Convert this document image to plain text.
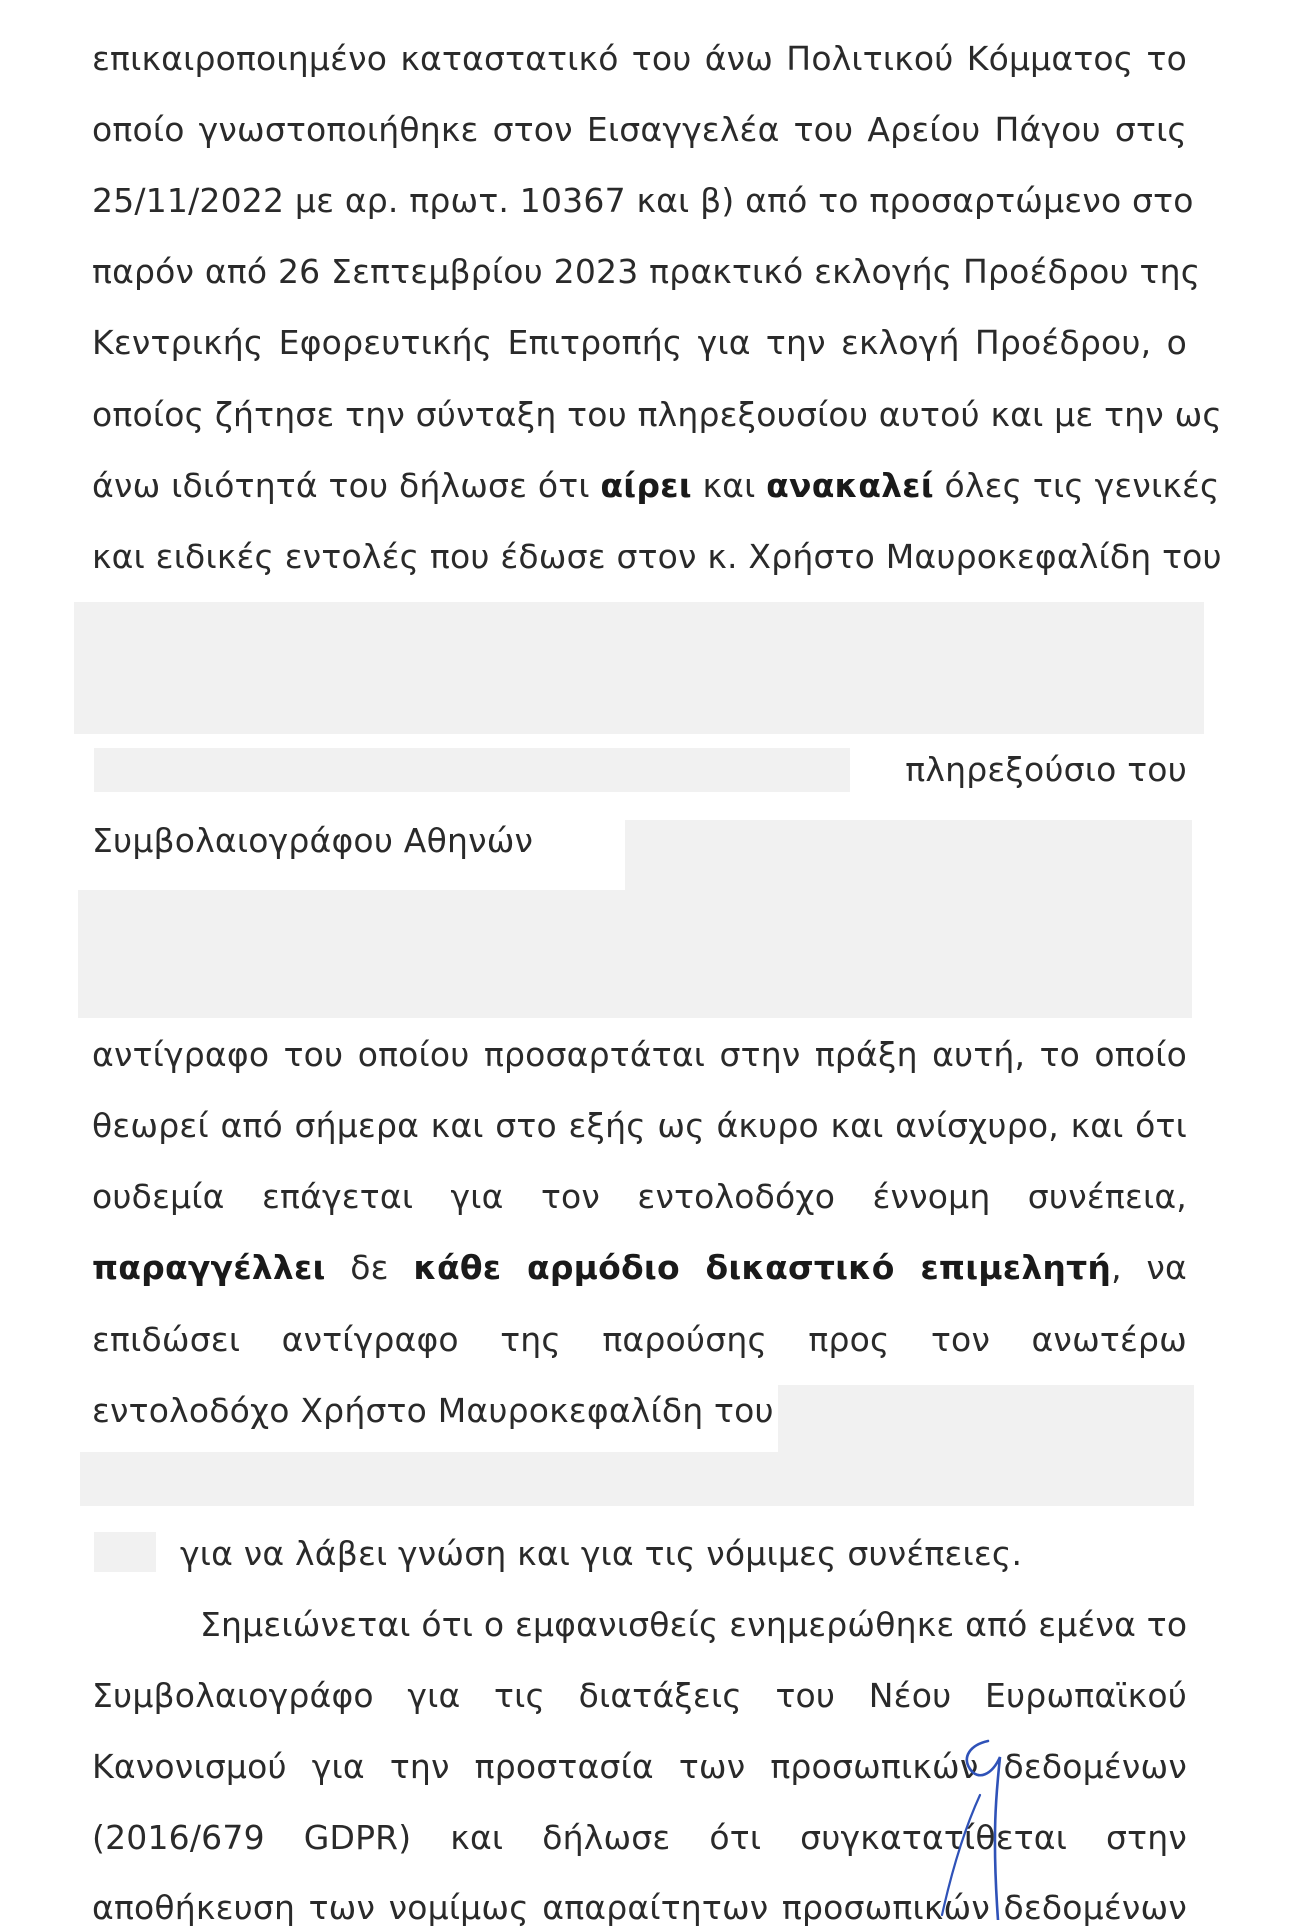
επικαιροποιημένο καταστατικό του άνω Πολιτικού Κόμματος το
οποίο γνωστοποιήθηκε στον Εισαγγελέα του Αρείου Πάγου στις
25/11/2022 με αρ. πρωτ. 10367 και β) από το προσαρτώμενο στο
παρόν από 26 Σεπτεμβρίου 2023 πρακτικό εκλογής Προέδρου της
Κεντρικής Εφορευτικής Επιτροπής για την εκλογή Προέδρου, ο
οποίος ζήτησε την σύνταξη του πληρεξουσίου αυτού και με την ως
άνω ιδιότητά του δήλωσε ότι αίρει και ανακαλεί όλες τις γενικές
και ειδικές εντολές που έδωσε στον κ. Χρήστο Μαυροκεφαλίδη του
πληρεξούσιο του
Συμβολαιογράφου Αθηνών
αντίγραφο του οποίου προσαρτάται στην πράξη αυτή, το οποίο
θεωρεί από σήμερα και στο εξής ως άκυρο και ανίσχυρο, και ότι
ουδεμία επάγεται για τον εντολοδόχο έννομη συνέπεια,
παραγγέλλει δε κάθε αρμόδιο δικαστικό επιμελητή, να
επιδώσει αντίγραφο της παρούσης προς τον ανωτέρω
εντολοδόχο Χρήστο Μαυροκεφαλίδη του
για να λάβει γνώση και για τις νόμιμες συνέπειες.
Σημειώνεται ότι ο εμφανισθείς ενημερώθηκε από εμένα το
Συμβολαιογράφο για τις διατάξεις του Νέου Ευρωπαϊκού
Κανονισμού για την προστασία των προσωπικών δεδομένων
(2016/679 GDPR) και δήλωσε ότι συγκατατίθεται στην
αποθήκευση των νομίμως απαραίτητων προσωπικών δεδομένων
